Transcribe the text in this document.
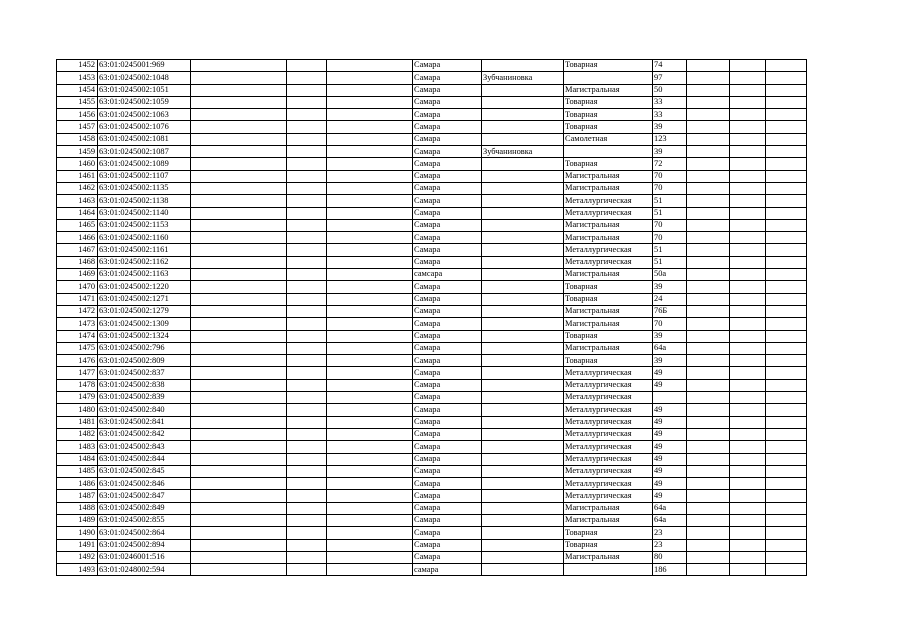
1452	63:01:0245001:969				Самара		Товарная	74			
1453	63:01:0245002:1048				Самара	Зубчаниновка		97			
1454	63:01:0245002:1051				Самара		Магистральная	50			
1455	63:01:0245002:1059				Самара		Товарная	33			
1456	63:01:0245002:1063				Самара		Товарная	33			
1457	63:01:0245002:1076				Самара		Товарная	39			
1458	63:01:0245002:1081				Самара		Самолетная	123			
1459	63:01:0245002:1087				Самара	Зубчаниновка		39			
1460	63:01:0245002:1089				Самара		Товарная	72			
1461	63:01:0245002:1107				Самара		Магистральная	70			
1462	63:01:0245002:1135				Самара		Магистральная	70			
1463	63:01:0245002:1138				Самара		Металлургическая	51			
1464	63:01:0245002:1140				Самара		Металлургическая	51			
1465	63:01:0245002:1153				Самара		Магистральная	70			
1466	63:01:0245002:1160				Самара		Магистральная	70			
1467	63:01:0245002:1161				Самара		Металлургическая	51			
1468	63:01:0245002:1162				Самара		Металлургическая	51			
1469	63:01:0245002:1163				самсара		Магистральная	50а			
1470	63:01:0245002:1220				Самара		Товарная	39			
1471	63:01:0245002:1271				Самара		Товарная	24			
1472	63:01:0245002:1279				Самара		Магистральная	76Б			
1473	63:01:0245002:1309				Самара		Магистральная	70			
1474	63:01:0245002:1324				Самара		Товарная	39			
1475	63:01:0245002:796				Самара		Магистральная	64а			
1476	63:01:0245002:809				Самара		Товарная	39			
1477	63:01:0245002:837				Самара		Металлургическая	49			
1478	63:01:0245002:838				Самара		Металлургическая	49			
1479	63:01:0245002:839				Самара		Металлургическая				
1480	63:01:0245002:840				Самара		Металлургическая	49			
1481	63:01:0245002:841				Самара		Металлургическая	49			
1482	63:01:0245002:842				Самара		Металлургическая	49			
1483	63:01:0245002:843				Самара		Металлургическая	49			
1484	63:01:0245002:844				Самара		Металлургическая	49			
1485	63:01:0245002:845				Самара		Металлургическая	49			
1486	63:01:0245002:846				Самара		Металлургическая	49			
1487	63:01:0245002:847				Самара		Металлургическая	49			
1488	63:01:0245002:849				Самара		Магистральная	64а			
1489	63:01:0245002:855				Самара		Магистральная	64а			
1490	63:01:0245002:864				Самара		Товарная	23			
1491	63:01:0245002:894				Самара		Товарная	23			
1492	63:01:0246001:516				Самара		Магистральная	80			
1493	63:01:0248002:594				самара			186			
